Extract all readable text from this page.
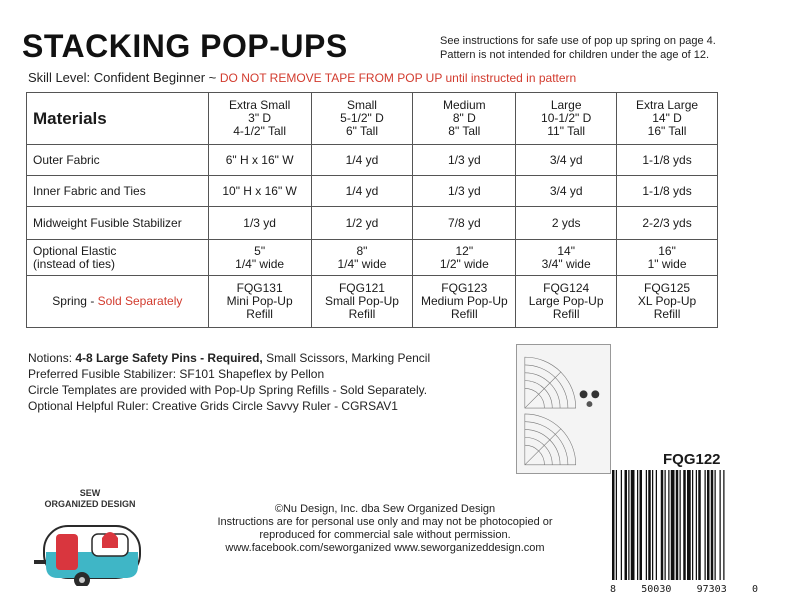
STACKING POP-UPS	See instructions for safe use of pop up spring on page 4.
Pattern is not intended for children under the age of 12.
Skill Level: Confident Beginner ~ DO NOT REMOVE TAPE FROM POP UP until instructed in pattern
Materials	Extra Small
3" D
4-1/2" Tall	Small
5-1/2" D
6" Tall	Medium
8" D
8" Tall	Large
10-1/2" D
11" Tall	Extra Large
14" D
16" Tall

Outer Fabric	6" H x 16" W	1/4 yd	1/3 yd	3/4 yd	1-1/8 yds
Inner Fabric and Ties	10" H x 16" W	1/4 yd	1/3 yd	3/4 yd	1-1/8 yds
Midweight Fusible Stabilizer	1/3 yd	1/2 yd	7/8 yd	2 yds	2-2/3 yds

Optional Elastic
(instead of ties)	5"
1/4" wide	8"
1/4" wide	12"
1/2" wide	14"
3/4" wide	16"
1" wide

Spring - Sold Separately	FQG131
Mini Pop-Up
Refill	FQG121
Small Pop-Up
Refill	FQG123
Medium Pop-Up
Refill	FQG124
Large Pop-Up
Refill	FQG125
XL Pop-Up
Refill
Notions: 4-8 Large Safety Pins - Required, Small Scissors, Marking Pencil
Preferred Fusible Stabilizer: SF101 Shapeflex by Pellon
Circle Templates are provided with Pop-Up Spring Refills - Sold Separately.
Optional Helpful Ruler: Creative Grids Circle Savvy Ruler - CGRSAV1
FQG122
8	50030	97303	0
SEW
ORGANIZED DESIGN	©Nu Design, Inc. dba Sew Organized Design
Instructions are for personal use only and may not be photocopied or
reproduced for commercial sale without permission.
www.facebook.com/seworganized www.seworganizeddesign.com
